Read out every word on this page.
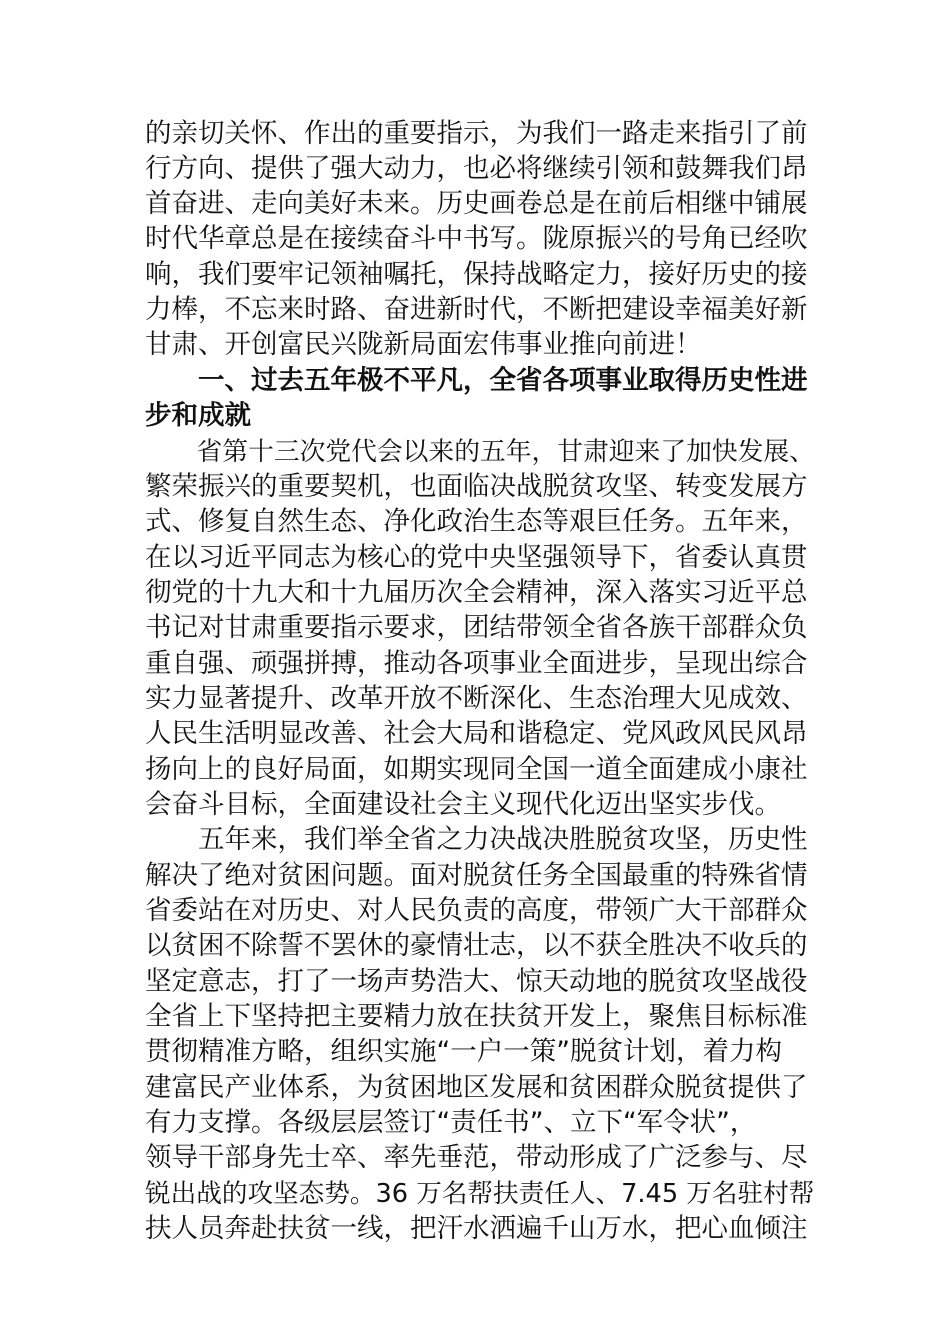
的亲切关怀、作出的重要指示，为我们一路走来指引了前
行方向、提供了强大动力，也必将继续引领和鼓舞我们昂
首奋进、走向美好未来。历史画卷总是在前后相继中铺展
时代华章总是在接续奋斗中书写。陇原振兴的号角已经吹
响，我们要牢记领袖嘱托，保持战略定力，接好历史的接
力棒，不忘来时路、奋进新时代，不断把建设幸福美好新
甘肃、开创富民兴陇新局面宏伟事业推向前进！
　　一、过去五年极不平凡，全省各项事业取得历史性进
步和成就
　　省第十三次党代会以来的五年，甘肃迎来了加快发展、
繁荣振兴的重要契机，也面临决战脱贫攻坚、转变发展方
式、修复自然生态、净化政治生态等艰巨任务。五年来，
在以习近平同志为核心的党中央坚强领导下，省委认真贯
彻党的十九大和十九届历次全会精神，深入落实习近平总
书记对甘肃重要指示要求，团结带领全省各族干部群众负
重自强、顽强拼搏，推动各项事业全面进步，呈现出综合
实力显著提升、改革开放不断深化、生态治理大见成效、
人民生活明显改善、社会大局和谐稳定、党风政风民风昂
扬向上的良好局面，如期实现同全国一道全面建成小康社
会奋斗目标，全面建设社会主义现代化迈出坚实步伐。
　　五年来，我们举全省之力决战决胜脱贫攻坚，历史性
解决了绝对贫困问题。面对脱贫任务全国最重的特殊省情
省委站在对历史、对人民负责的高度，带领广大干部群众
以贫困不除誓不罢休的豪情壮志，以不获全胜决不收兵的
坚定意志，打了一场声势浩大、惊天动地的脱贫攻坚战役
全省上下坚持把主要精力放在扶贫开发上，聚焦目标标准
贯彻精准方略，组织实施“一户一策”脱贫计划，着力构
建富民产业体系，为贫困地区发展和贫困群众脱贫提供了
有力支撑。各级层层签订“责任书”、立下“军令状”，
领导干部身先士卒、率先垂范，带动形成了广泛参与、尽
锐出战的攻坚态势。36 万名帮扶责任人、7.45 万名驻村帮
扶人员奔赴扶贫一线，把汗水洒遍千山万水，把心血倾注
